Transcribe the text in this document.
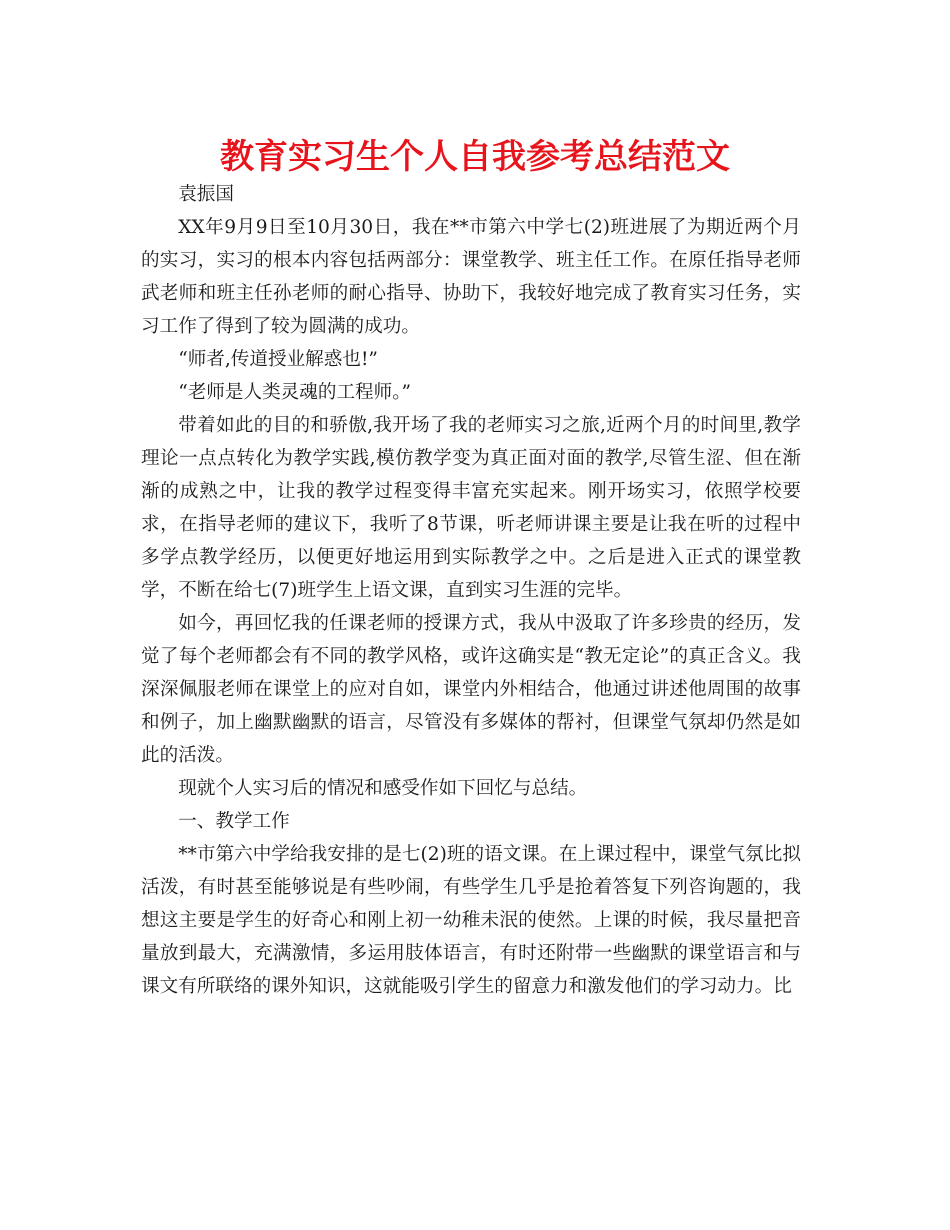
教育实习生个人自我参考总结范文

袁振国

XX年9月9日至10月30日，我在**市第六中学七(2)班进展了为期近两个月的实习，实习的根本内容包括两部分：课堂教学、班主任工作。在原任指导老师武老师和班主任孙老师的耐心指导、协助下，我较好地完成了教育实习任务，实习工作了得到了较为圆满的成功。

“师者,传道授业解惑也!”

“老师是人类灵魂的工程师。”

带着如此的目的和骄傲,我开场了我的老师实习之旅,近两个月的时间里,教学理论一点点转化为教学实践,模仿教学变为真正面对面的教学,尽管生涩、但在渐渐的成熟之中，让我的教学过程变得丰富充实起来。刚开场实习，依照学校要求，在指导老师的建议下，我听了8节课，听老师讲课主要是让我在听的过程中多学点教学经历，以便更好地运用到实际教学之中。之后是进入正式的课堂教学，不断在给七(7)班学生上语文课，直到实习生涯的完毕。

如今，再回忆我的任课老师的授课方式，我从中汲取了许多珍贵的经历，发觉了每个老师都会有不同的教学风格，或许这确实是“教无定论”的真正含义。我深深佩服老师在课堂上的应对自如，课堂内外相结合，他通过讲述他周围的故事和例子，加上幽默幽默的语言，尽管没有多媒体的帮衬，但课堂气氛却仍然是如此的活泼。

现就个人实习后的情况和感受作如下回忆与总结。

一、教学工作

**市第六中学给我安排的是七(2)班的语文课。在上课过程中，课堂气氛比拟活泼，有时甚至能够说是有些吵闹，有些学生几乎是抢着答复下列咨询题的，我想这主要是学生的好奇心和刚上初一幼稚未泯的使然。上课的时候，我尽量把音量放到最大，充满激情，多运用肢体语言，有时还附带一些幽默的课堂语言和与课文有所联络的课外知识，这就能吸引学生的留意力和激发他们的学习动力。比
